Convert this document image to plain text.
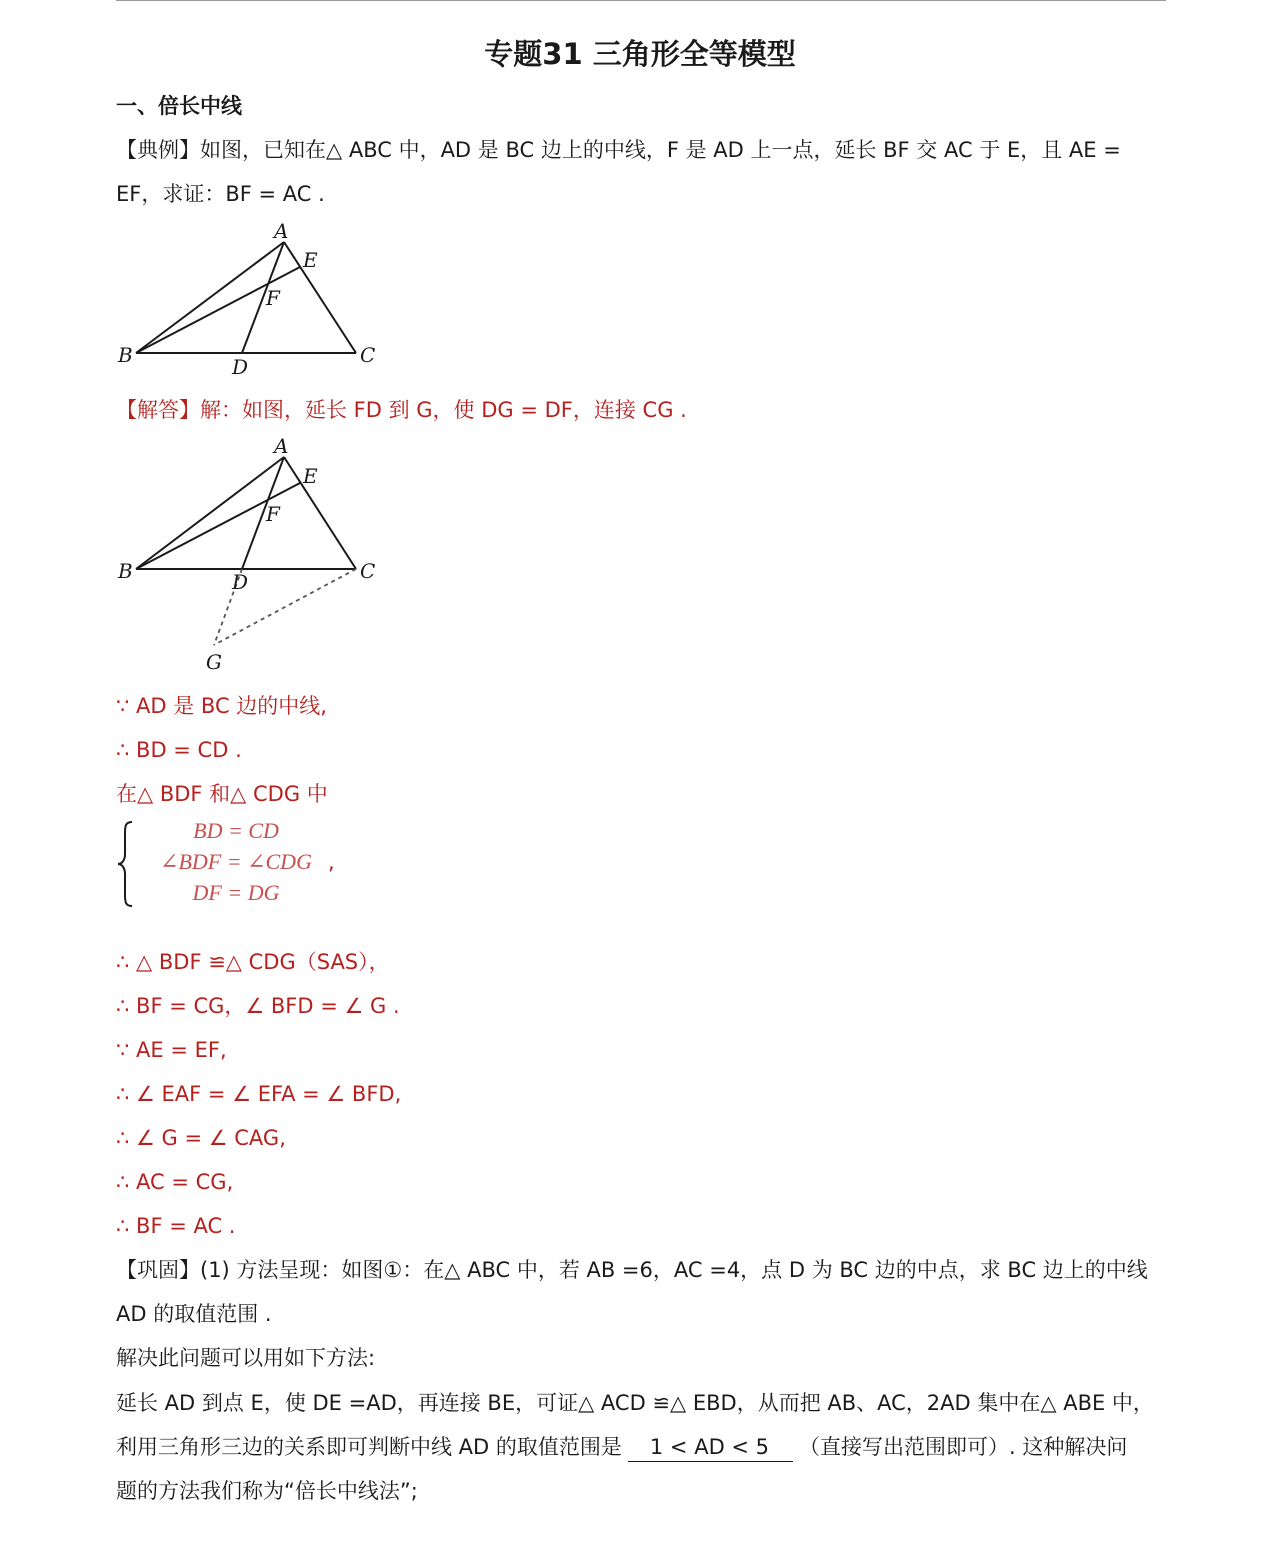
专题31 三角形全等模型
一、倍长中线
【典例】如图，已知在△ ABC 中，AD 是 BC 边上的中线，F 是 AD 上一点，延长 BF 交 AC 于 E，且 AE =
EF，求证：BF = AC .
A
E
F
B	D	C
【解答】解：如图，延长 FD 到 G，使 DG = DF，连接 CG .
A
E
F
B	D	C
G
∵ AD 是 BC 边的中线,
∴ BD = CD .
在△ BDF 和△ CDG 中
BD = CD
∠BDF = ∠CDG
DF = DG
,
∴ △ BDF ≌△ CDG（SAS），
∴ BF = CG，∠ BFD = ∠ G .
∵ AE = EF,
∴ ∠ EAF = ∠ EFA = ∠ BFD,
∴ ∠ G = ∠ CAG,
∴ AC = CG,
∴ BF = AC .
【巩固】(1) 方法呈现：如图①：在△ ABC 中，若 AB =6，AC =4，点 D 为 BC 边的中点，求 BC 边上的中线
AD 的取值范围 .
解决此问题可以用如下方法:
延长 AD 到点 E，使 DE =AD，再连接 BE，可证△ ACD ≌△ EBD，从而把 AB、AC，2AD 集中在△ ABE 中，
利用三角形三边的关系即可判断中线 AD 的取值范围是 1 < AD < 5 （直接写出范围即可）. 这种解决问
题的方法我们称为“倍长中线法”;
